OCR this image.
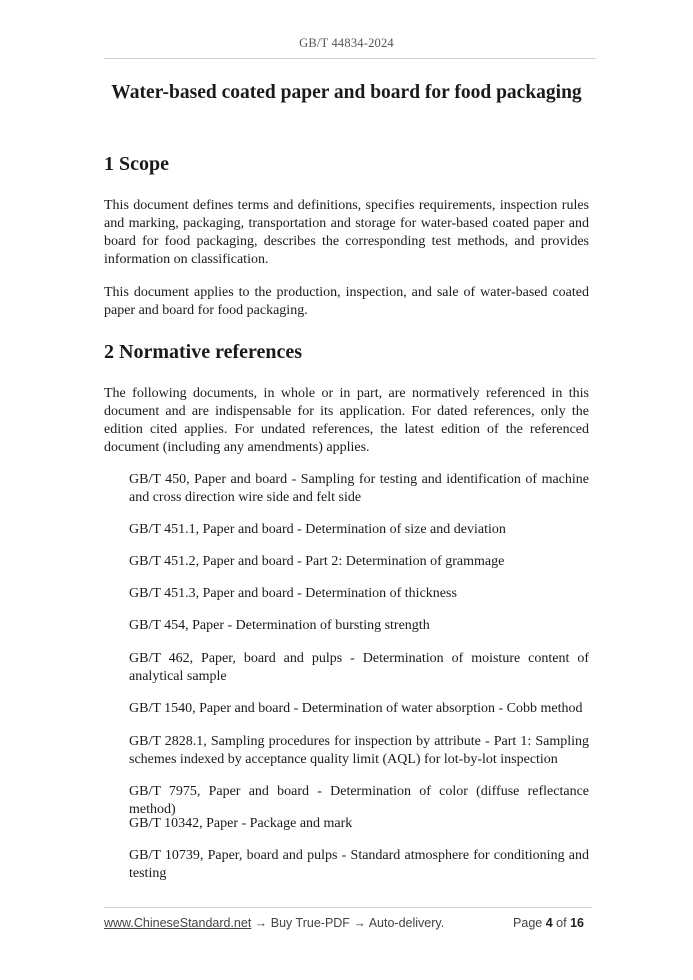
GB/T 44834-2024
Water-based coated paper and board for food packaging
1 Scope

This document defines terms and definitions, specifies requirements, inspection rules and marking, packaging, transportation and storage for water-based coated paper and board for food packaging, describes the corresponding test methods, and provides information on classification.

This document applies to the production, inspection, and sale of water-based coated paper and board for food packaging.

2 Normative references

The following documents, in whole or in part, are normatively referenced in this document and are indispensable for its application. For dated references, only the edition cited applies. For undated references, the latest edition of the referenced document (including any amendments) applies.

GB/T 450, Paper and board - Sampling for testing and identification of machine and cross direction wire side and felt side

GB/T 451.1, Paper and board - Determination of size and deviation

GB/T 451.2, Paper and board - Part 2: Determination of grammage

GB/T 451.3, Paper and board - Determination of thickness

GB/T 454, Paper - Determination of bursting strength

GB/T 462, Paper, board and pulps - Determination of moisture content of analytical sample

GB/T 1540, Paper and board - Determination of water absorption - Cobb method

GB/T 2828.1, Sampling procedures for inspection by attribute - Part 1: Sampling schemes indexed by acceptance quality limit (AQL) for lot-by-lot inspection

GB/T 7975, Paper and board - Determination of color (diffuse reflectance method)

GB/T 10342, Paper - Package and mark

GB/T 10739, Paper, board and pulps - Standard atmosphere for conditioning and testing

www.ChineseStandard.net → Buy True-PDF → Auto-delivery.	Page 4 of 16
